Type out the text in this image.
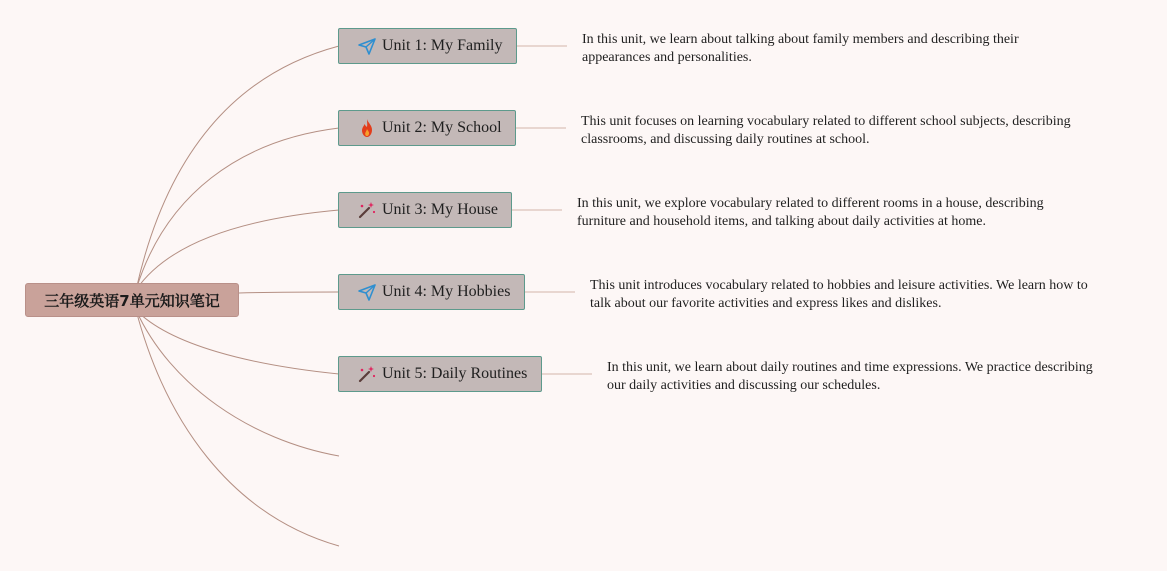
三年级英语7单元知识笔记
Unit 1: My Family	In this unit, we learn about talking about family members and describing their appearances and personalities.
Unit 2: My School	This unit focuses on learning vocabulary related to different school subjects, describing classrooms, and discussing daily routines at school.
Unit 3: My House	In this unit, we explore vocabulary related to different rooms in a house, describing furniture and household items, and talking about daily activities at home.
Unit 4: My Hobbies	This unit introduces vocabulary related to hobbies and leisure activities. We learn how to talk about our favorite activities and express likes and dislikes.
Unit 5: Daily Routines	In this unit, we learn about daily routines and time expressions. We practice describing our daily activities and discussing our schedules.
